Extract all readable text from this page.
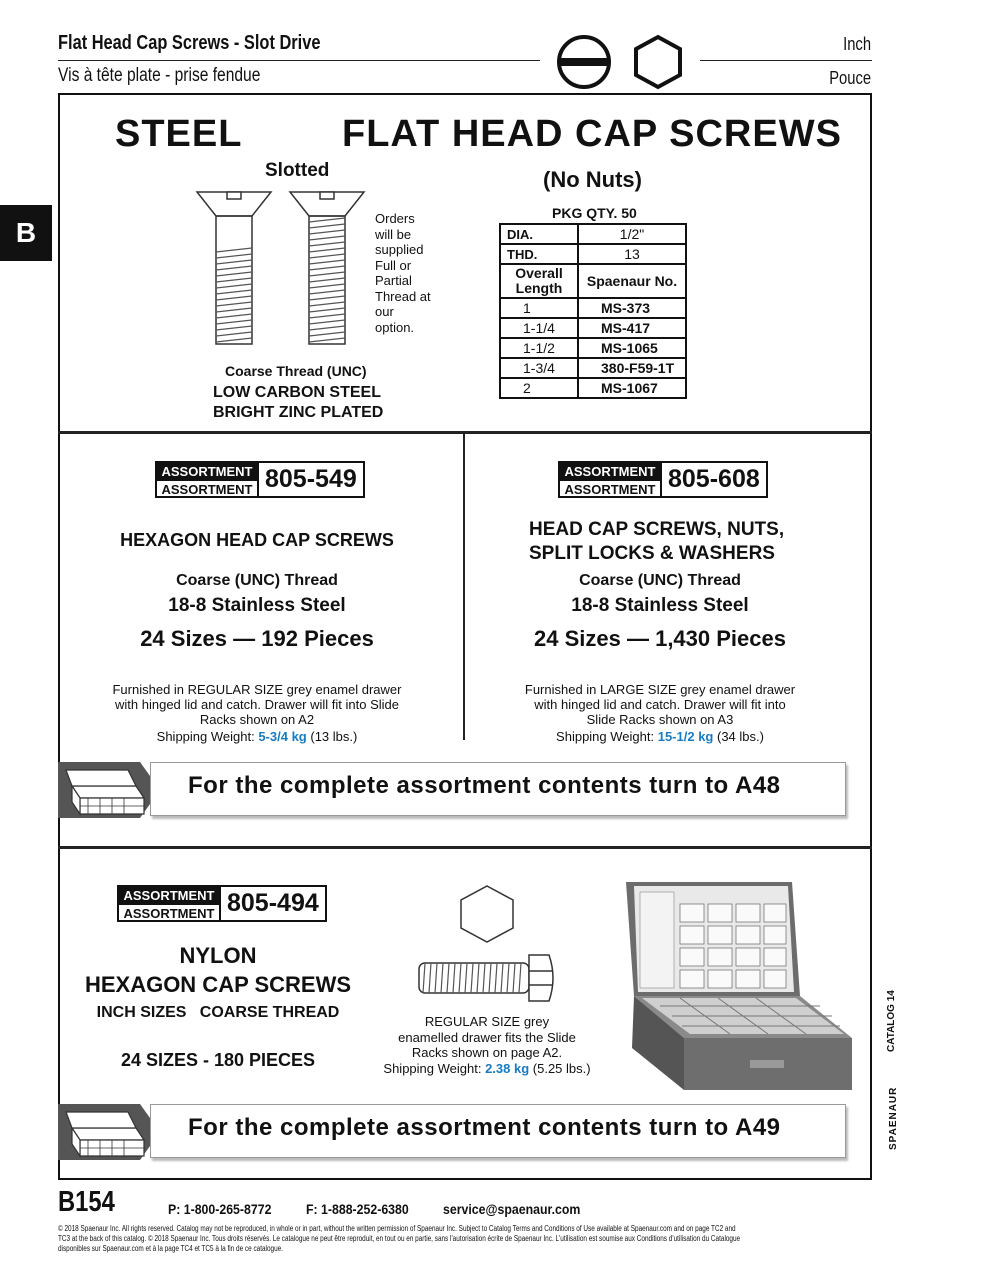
Flat Head Cap Screws - Slot Drive
Vis à tête plate - prise fendue
Inch
Pouce
B
STEEL	FLAT HEAD CAP SCREWS
Slotted	(No Nuts)
Orders
will be
supplied
Full or
Partial
Thread at
our
option.
Coarse Thread (UNC)
LOW CARBON STEEL
BRIGHT ZINC PLATED
PKG QTY. 50
DIA.	1/2"
THD.	13
Overall Length	Spaenaur No.
1	MS-373
1-1/4	MS-417
1-1/2	MS-1065
1-3/4	380-F59-1T
2	MS-1067
ASSORTMENT
ASSORTMENT 805-549
HEXAGON HEAD CAP SCREWS
Coarse (UNC) Thread
18-8 Stainless Steel
24 Sizes — 192 Pieces
Furnished in REGULAR SIZE grey enamel drawer
with hinged lid and catch. Drawer will fit into Slide
Racks shown on A2
Shipping Weight: 5-3/4 kg (13 lbs.)
ASSORTMENT
ASSORTMENT 805-608
HEAD CAP SCREWS, NUTS,
SPLIT LOCKS & WASHERS
Coarse (UNC) Thread
18-8 Stainless Steel
24 Sizes — 1,430 Pieces
Furnished in LARGE SIZE grey enamel drawer
with hinged lid and catch. Drawer will fit into
Slide Racks shown on A3
Shipping Weight: 15-1/2 kg (34 lbs.)
For the complete assortment contents turn to A48
ASSORTMENT
ASSORTMENT 805-494
NYLON
HEXAGON CAP SCREWS
INCH SIZES   COARSE THREAD
24 SIZES - 180 PIECES
REGULAR SIZE grey
enamelled drawer fits the Slide
Racks shown on page A2.
Shipping Weight: 2.38 kg (5.25 lbs.)
For the complete assortment contents turn to A49
CATALOG 14
SPAENAUR
B154	P: 1-800-265-8772 F: 1-888-252-6380 service@spaenaur.com
© 2018 Spaenaur Inc. All rights reserved. Catalog may not be reproduced, in whole or in part, without the written permission of Spaenaur Inc. Subject to Catalog Terms and Conditions of Use available at Spaenaur.com and on page TC2 and
TC3 at the back of this catalog. © 2018 Spaenaur Inc. Tous droits réservés. Le catalogue ne peut être reproduit, en tout ou en partie, sans l'autorisation écrite de Spaenaur Inc. L'utilisation est soumise aux Conditions d'utilisation du Catalogue
disponibles sur Spaenaur.com et à la page TC4 et TC5 à la fin de ce catalogue.
